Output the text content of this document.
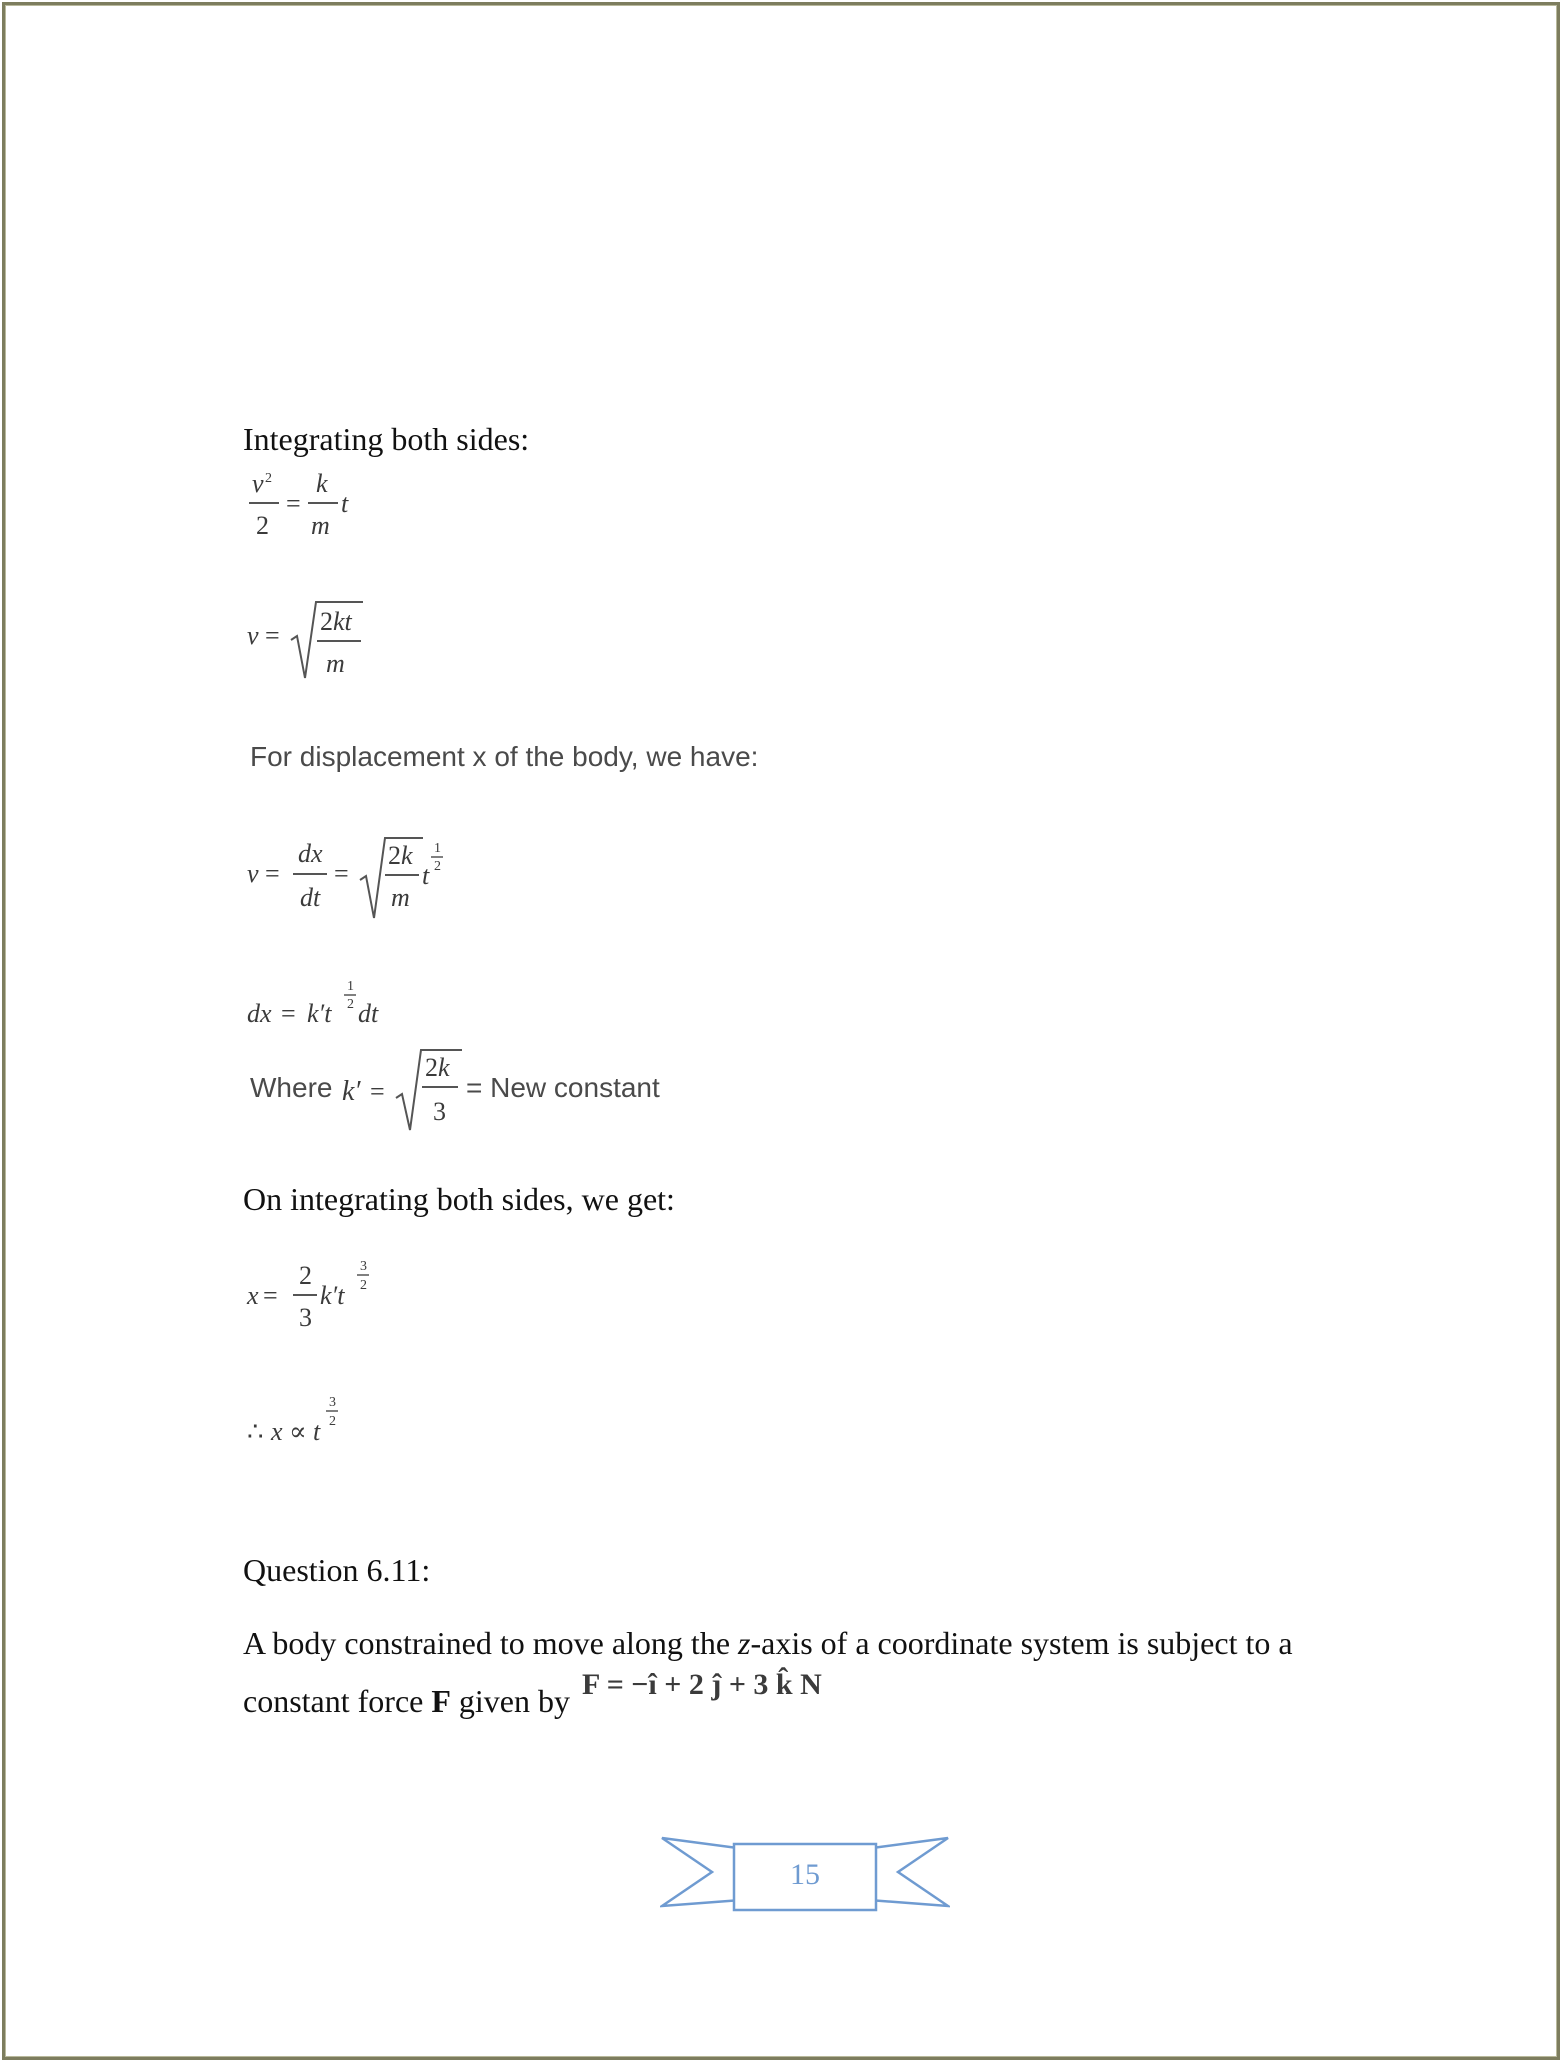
Integrating both sides:
v 2
2
=
k
m
t
v = 2kt
m
For displacement x of the body, we have:
v =
dx
dt
=
2k
m
t
1
2
dx = k′t
1
2 dt
Where k′ =
2k
3
= New constant
On integrating both sides, we get:
x =
2
3
k′t
3
2
∴ x ∝ t
3
2
Question 6.11:
A body constrained to move along the z-axis of a coordinate system is subject to a
constant force F given by F = −î + 2 ĵ + 3 k̂ N
15
